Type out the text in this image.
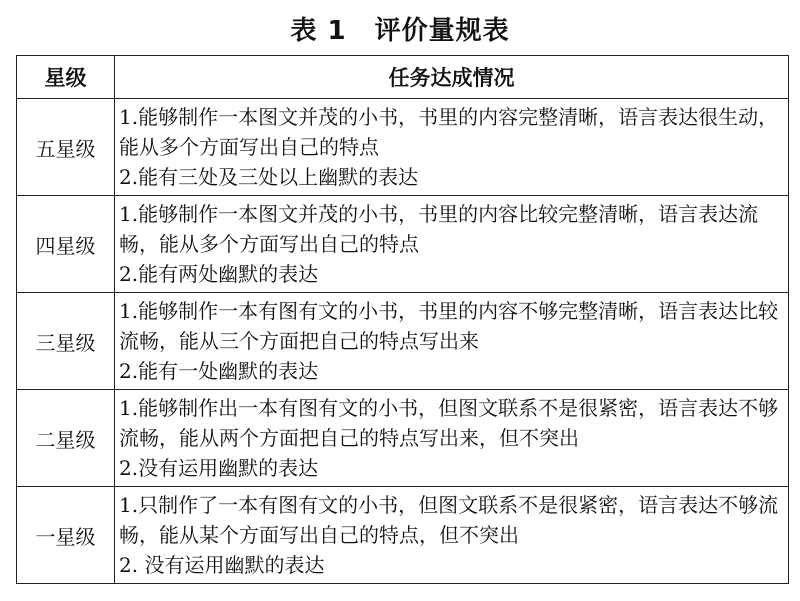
表 1 评价量规表
星级	任务达成情况
五星级	1.能够制作一本图文并茂的小书，书里的内容完整清晰，语言表达很生动，能从多个方面写出自己的特点
2.能有三处及三处以上幽默的表达

四星级	1.能够制作一本图文并茂的小书，书里的内容比较完整清晰，语言表达流畅，能从多个方面写出自己的特点
2.能有两处幽默的表达

三星级	1.能够制作一本有图有文的小书，书里的内容不够完整清晰，语言表达比较流畅，能从三个方面把自己的特点写出来
2.能有一处幽默的表达

二星级	1.能够制作出一本有图有文的小书，但图文联系不是很紧密，语言表达不够流畅，能从两个方面把自己的特点写出来，但不突出
2.没有运用幽默的表达

一星级	1.只制作了一本有图有文的小书，但图文联系不是很紧密，语言表达不够流畅，能从某个方面写出自己的特点，但不突出
2. 没有运用幽默的表达
